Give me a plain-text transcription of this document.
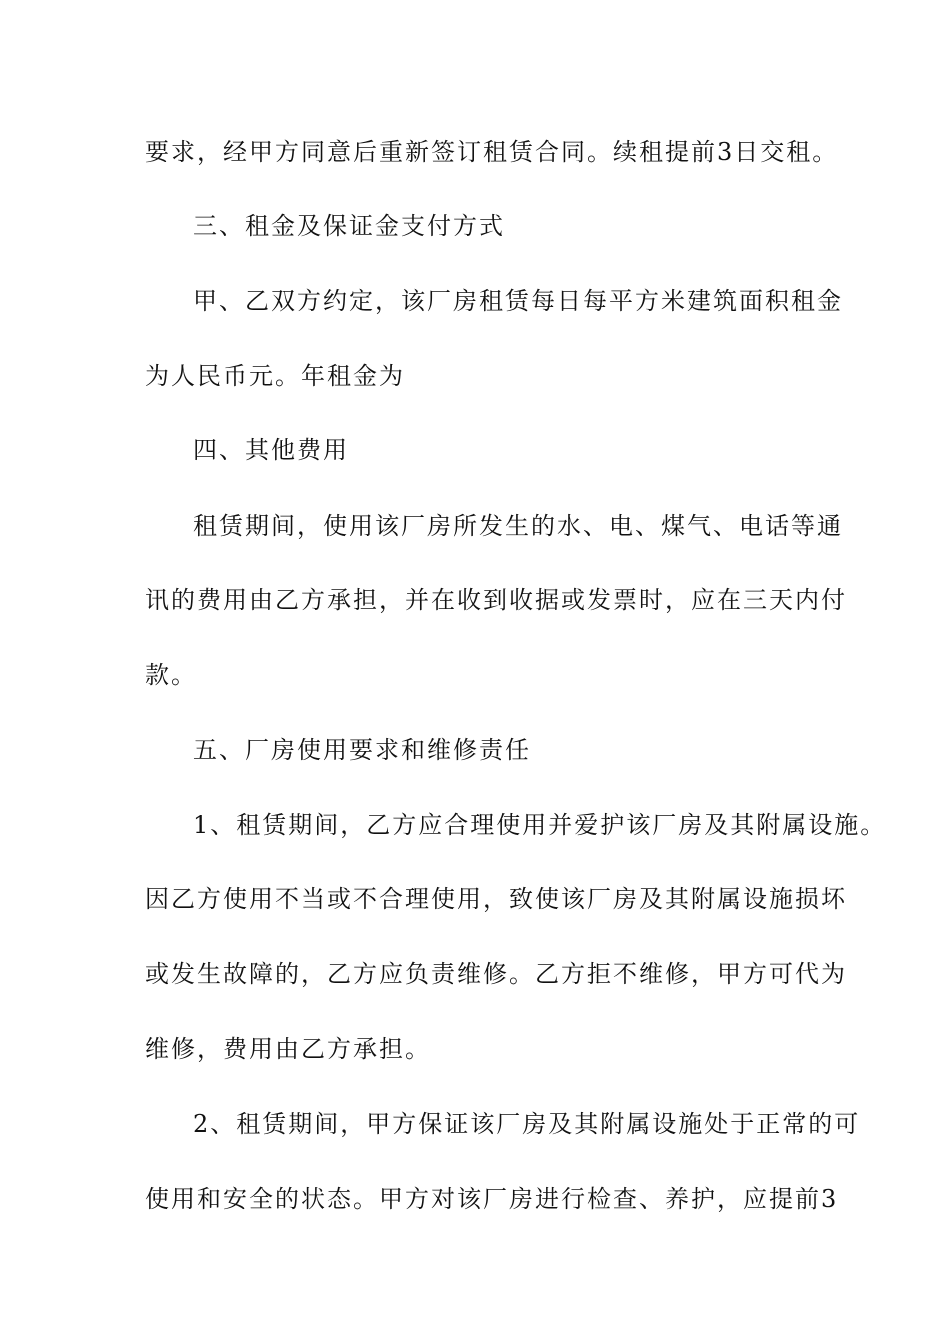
要求，经甲方同意后重新签订租赁合同。续租提前3日交租。
三、租金及保证金支付方式
甲、乙双方约定，该厂房租赁每日每平方米建筑面积租金
为人民币元。年租金为
四、其他费用
租赁期间，使用该厂房所发生的水、电、煤气、电话等通
讯的费用由乙方承担，并在收到收据或发票时，应在三天内付
款。
五、厂房使用要求和维修责任
1、租赁期间，乙方应合理使用并爱护该厂房及其附属设施。
因乙方使用不当或不合理使用，致使该厂房及其附属设施损坏
或发生故障的，乙方应负责维修。乙方拒不维修，甲方可代为
维修，费用由乙方承担。
2、租赁期间，甲方保证该厂房及其附属设施处于正常的可
使用和安全的状态。甲方对该厂房进行检查、养护，应提前3
